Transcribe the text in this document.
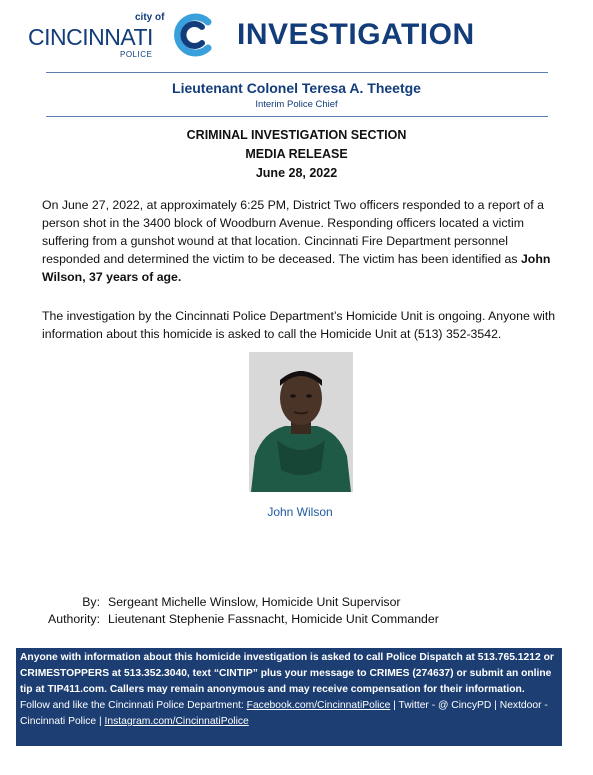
city of
CINCINNATI
POLICE
INVESTIGATION
Lieutenant Colonel Teresa A. Theetge
Interim Police Chief
CRIMINAL INVESTIGATION SECTION
MEDIA RELEASE
June 28, 2022
On June 27, 2022, at approximately 6:25 PM, District Two officers responded to a report of a person shot in the 3400 block of Woodburn Avenue. Responding officers located a victim suffering from a gunshot wound at that location. Cincinnati Fire Department personnel responded and determined the victim to be deceased. The victim has been identified as John Wilson, 37 years of age.
The investigation by the Cincinnati Police Department’s Homicide Unit is ongoing. Anyone with information about this homicide is asked to call the Homicide Unit at (513) 352-3542.
John Wilson
By: Sergeant Michelle Winslow, Homicide Unit Supervisor
Authority: Lieutenant Stephenie Fassnacht, Homicide Unit Commander
Anyone with information about this homicide investigation is asked to call Police Dispatch at 513.765.1212 or CRIMESTOPPERS at 513.352.3040, text “CINTIP” plus your message to CRIMES (274637) or submit an online tip at TIP411.com. Callers may remain anonymous and may receive compensation for their information.
Follow and like the Cincinnati Police Department: Facebook.com/CincinnatiPolice | Twitter - @ CincyPD | Nextdoor - Cincinnati Police | Instagram.com/CincinnatiPolice
